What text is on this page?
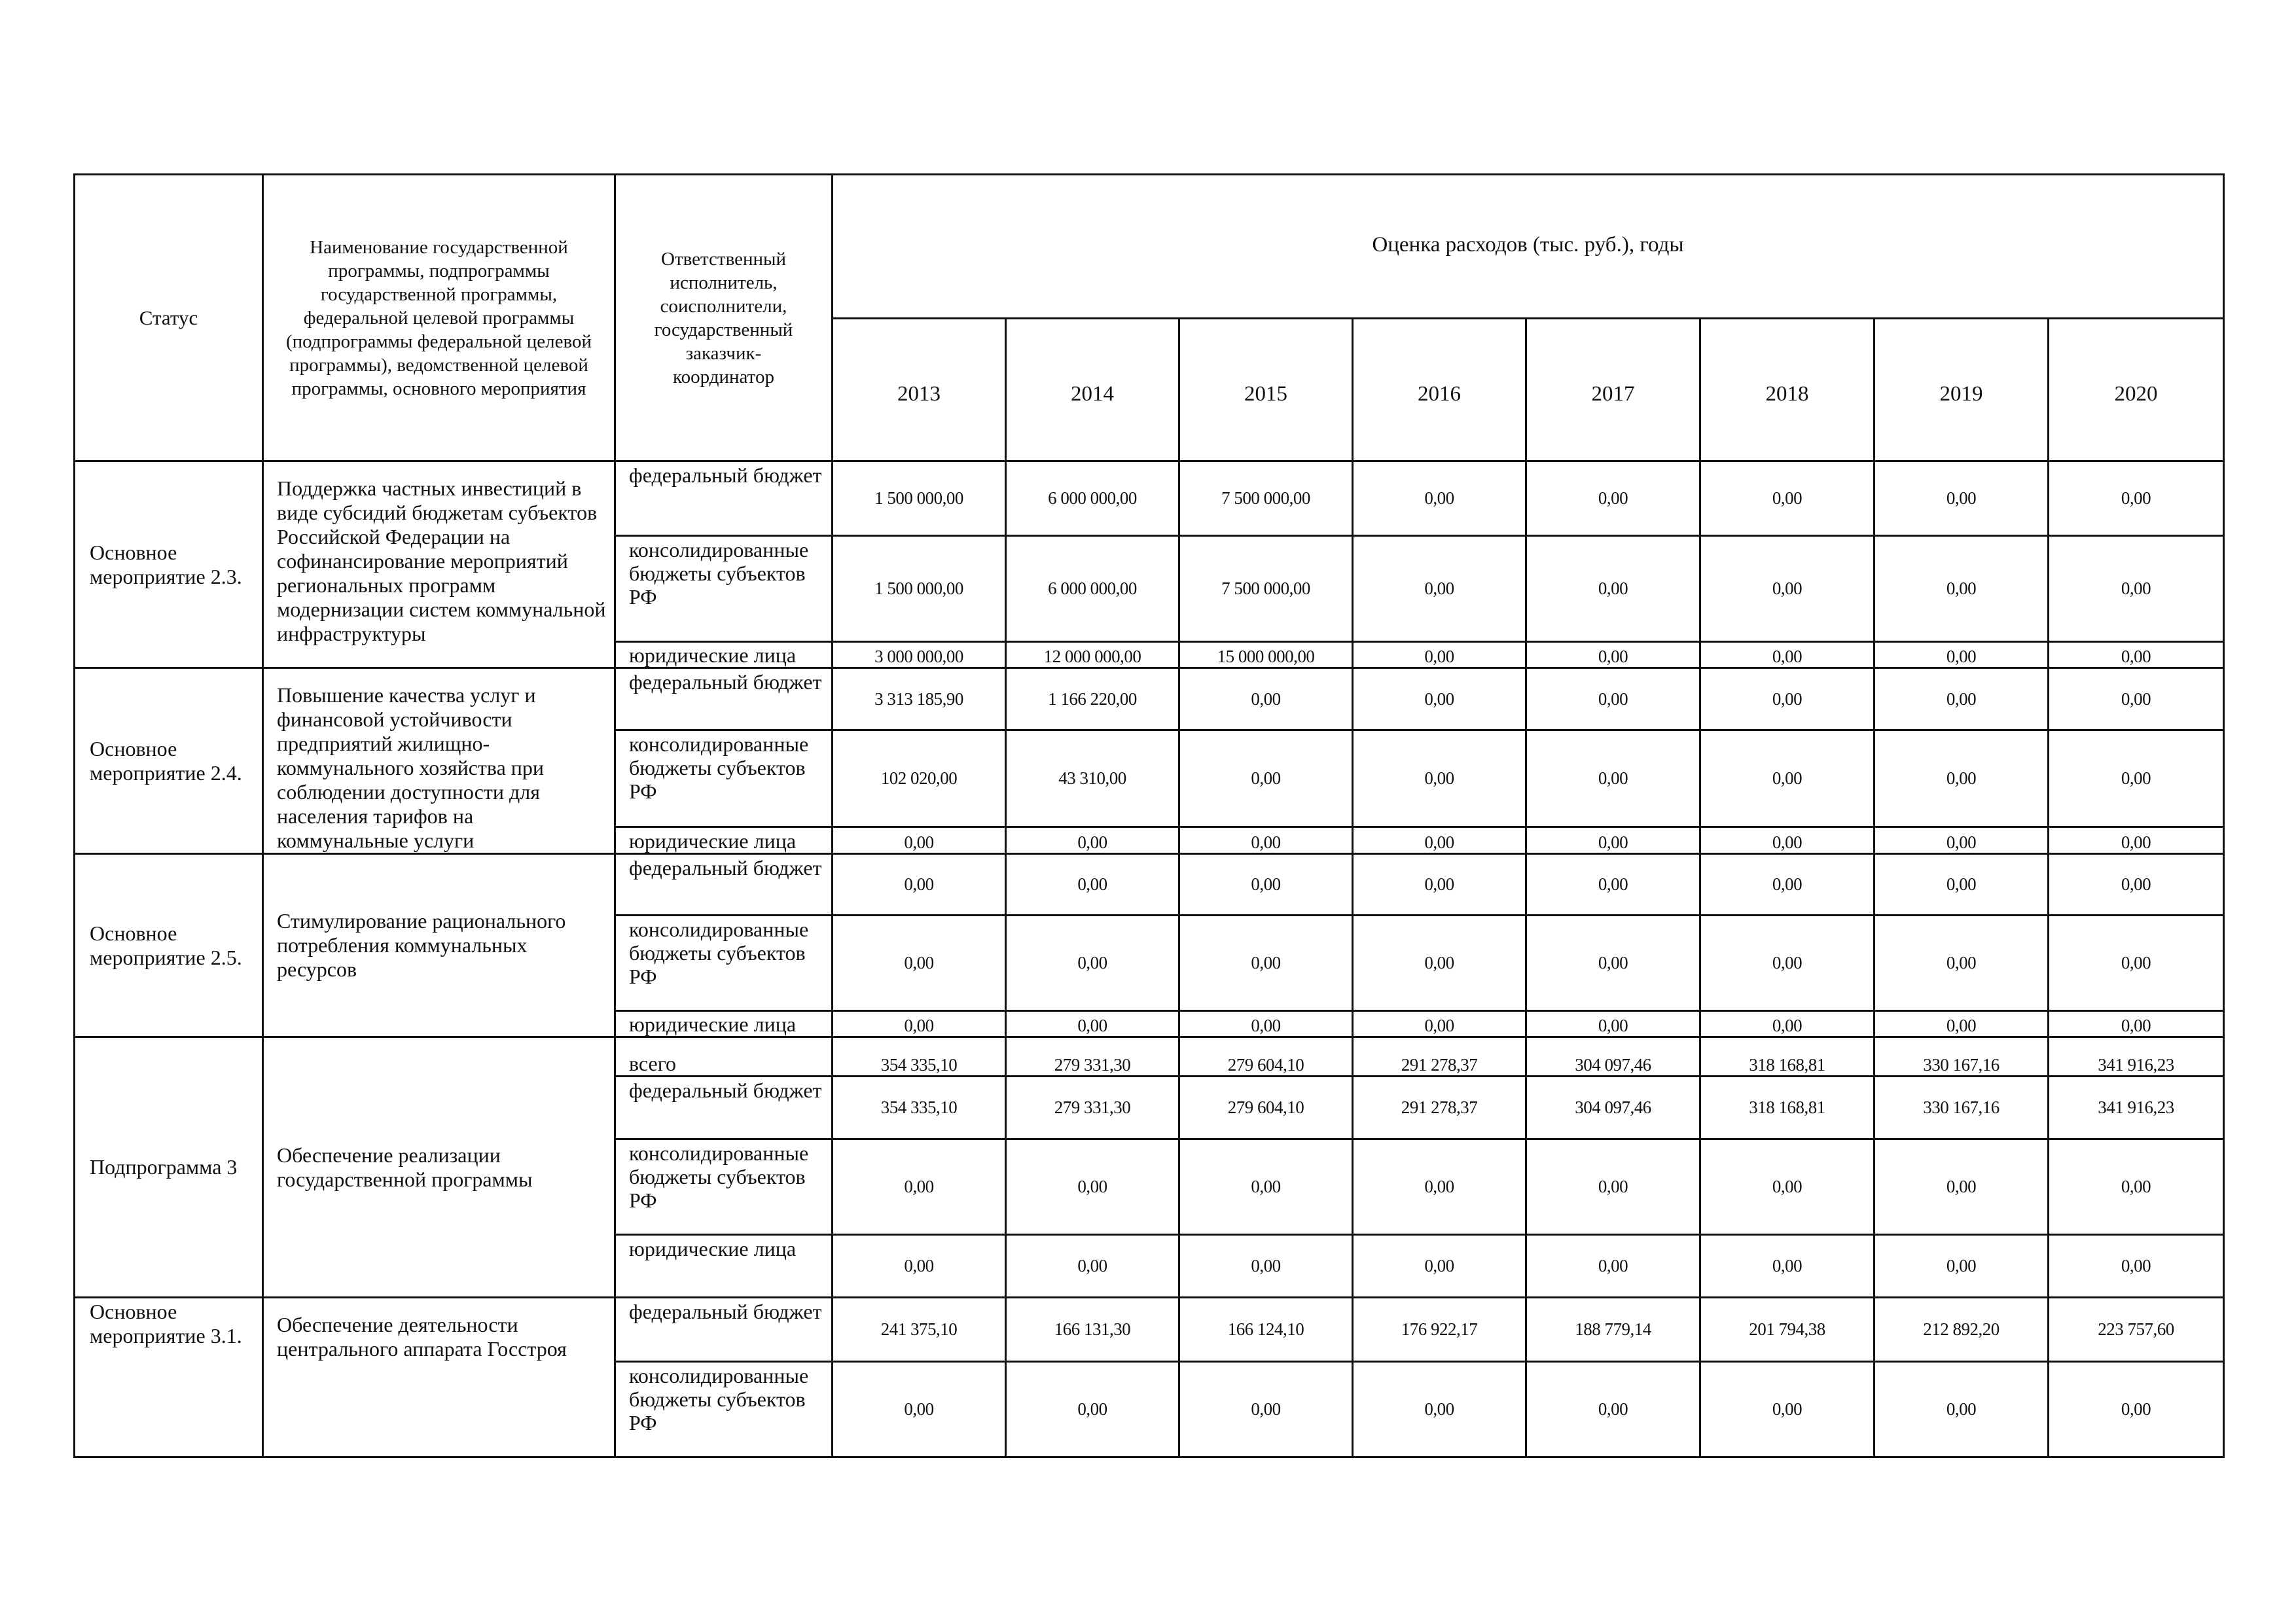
Статус	Наименование государственной программы, подпрограммы государственной программы, федеральной целевой программы (подпрограммы федеральной целевой программы), ведомственной целевой программы, основного мероприятия	Ответственный исполнитель, соисполнители, государственный заказчик-координатор	Оценка расходов (тыс. руб.), годы							
			2013	2014	2015	2016	2017	2018	2019	2020
Основное мероприятие 2.3.	Поддержка частных инвестиций в виде субсидий бюджетам субъектов Российской Федерации на софинансирование мероприятий региональных программ модернизации систем коммунальной инфраструктуры	федеральный бюджет	1 500 000,00	6 000 000,00	7 500 000,00	0,00	0,00	0,00	0,00	0,00
		консолидированные бюджеты субъектов РФ	1 500 000,00	6 000 000,00	7 500 000,00	0,00	0,00	0,00	0,00	0,00
		юридические лица	3 000 000,00	12 000 000,00	15 000 000,00	0,00	0,00	0,00	0,00	0,00
Основное мероприятие 2.4.	Повышение качества услуг и финансовой устойчивости предприятий жилищно-коммунального хозяйства при соблюдении доступности для населения тарифов на коммунальные услуги	федеральный бюджет	3 313 185,90	1 166 220,00	0,00	0,00	0,00	0,00	0,00	0,00
		консолидированные бюджеты субъектов РФ	102 020,00	43 310,00	0,00	0,00	0,00	0,00	0,00	0,00
		юридические лица	0,00	0,00	0,00	0,00	0,00	0,00	0,00	0,00
Основное мероприятие 2.5.	Стимулирование рационального потребления коммунальных ресурсов	федеральный бюджет	0,00	0,00	0,00	0,00	0,00	0,00	0,00	0,00
		консолидированные бюджеты субъектов РФ	0,00	0,00	0,00	0,00	0,00	0,00	0,00	0,00
		юридические лица	0,00	0,00	0,00	0,00	0,00	0,00	0,00	0,00
Подпрограмма 3	Обеспечение реализации государственной программы	всего	354 335,10	279 331,30	279 604,10	291 278,37	304 097,46	318 168,81	330 167,16	341 916,23
		федеральный бюджет	354 335,10	279 331,30	279 604,10	291 278,37	304 097,46	318 168,81	330 167,16	341 916,23
		консолидированные бюджеты субъектов РФ	0,00	0,00	0,00	0,00	0,00	0,00	0,00	0,00
		юридические лица	0,00	0,00	0,00	0,00	0,00	0,00	0,00	0,00
Основное мероприятие 3.1.	Обеспечение деятельности центрального аппарата Госстроя	федеральный бюджет	241 375,10	166 131,30	166 124,10	176 922,17	188 779,14	201 794,38	212 892,20	223 757,60
		консолидированные бюджеты субъектов РФ	0,00	0,00	0,00	0,00	0,00	0,00	0,00	0,00
